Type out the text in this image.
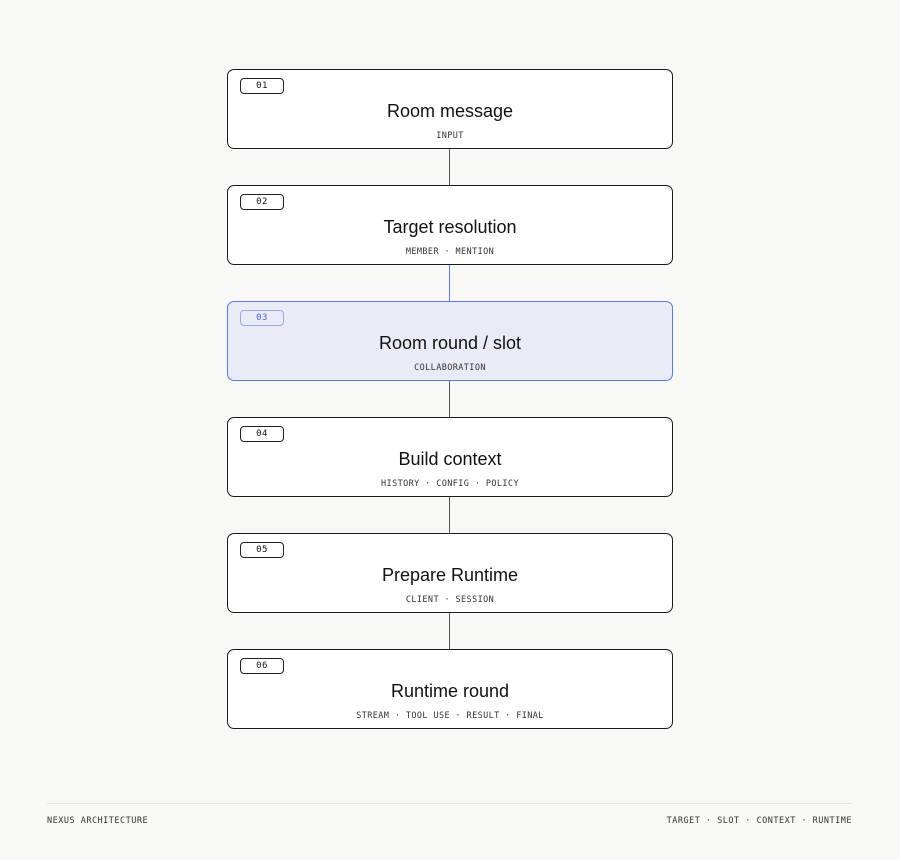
01
Room message
INPUT
02
Target resolution
MEMBER · MENTION
03
Room round / slot
COLLABORATION
04
Build context
HISTORY · CONFIG · POLICY
05
Prepare Runtime
CLIENT · SESSION
06
Runtime round
STREAM · TOOL USE · RESULT · FINAL
NEXUS ARCHITECTURE	TARGET · SLOT · CONTEXT · RUNTIME
